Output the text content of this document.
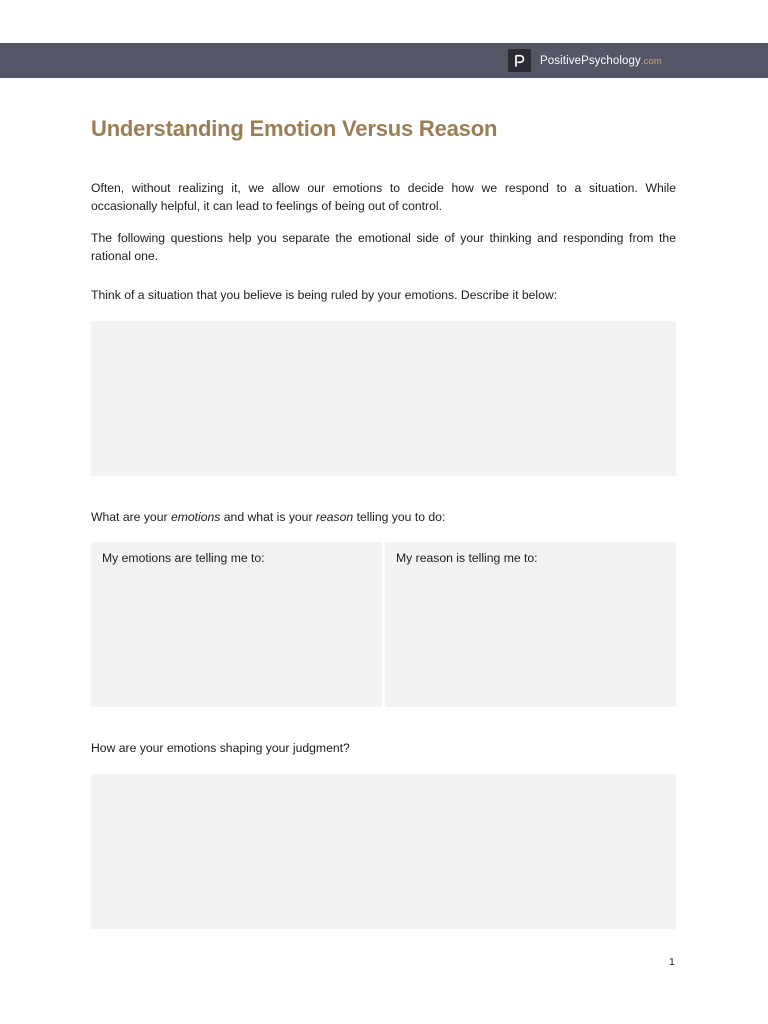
PositivePsychology.com
Understanding Emotion Versus Reason

Often, without realizing it, we allow our emotions to decide how we respond to a situation. While occasionally helpful, it can lead to feelings of being out of control.

The following questions help you separate the emotional side of your thinking and responding from the rational one.

Think of a situation that you believe is being ruled by your emotions. Describe it below:

What are your emotions and what is your reason telling you to do:

My emotions are telling me to:	My reason is telling me to:

How are your emotions shaping your judgment?

1
